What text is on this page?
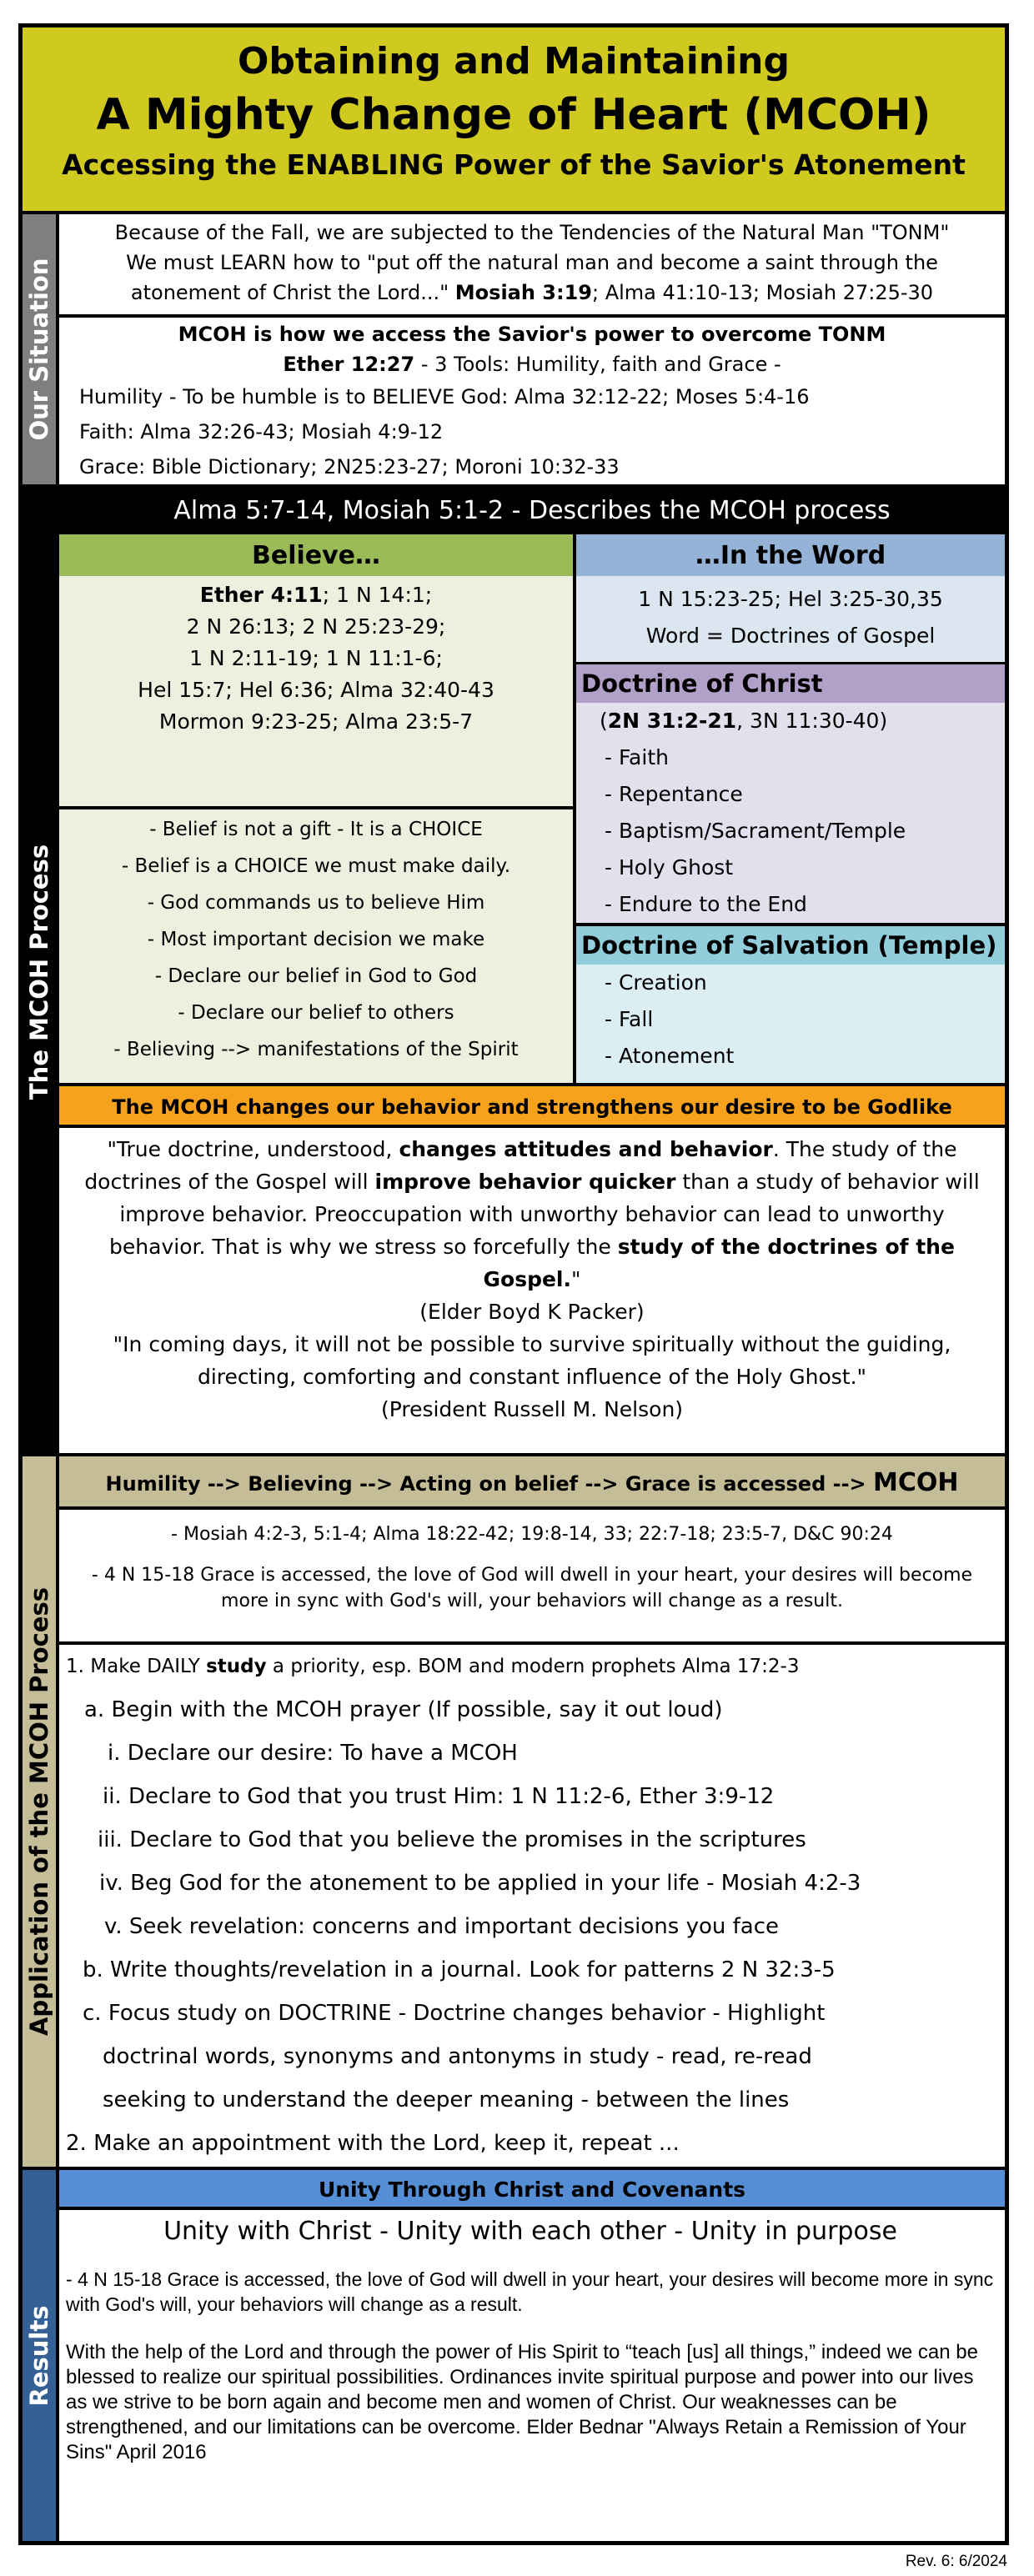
Obtaining and Maintaining
A Mighty Change of Heart (MCOH)
Accessing the ENABLING Power of the Savior's Atonement
Our Situation
Because of the Fall, we are subjected to the Tendencies of the Natural Man "TONM"
We must LEARN how to "put off the natural man and become a saint through the
atonement of Christ the Lord..." Mosiah 3:19; Alma 41:10-13; Mosiah 27:25-30
MCOH is how we access the Savior's power to overcome TONM
Ether 12:27 - 3 Tools: Humility, faith and Grace -
Humility - To be humble is to BELIEVE God: Alma 32:12-22; Moses 5:4-16
Faith: Alma 32:26-43; Mosiah 4:9-12
Grace: Bible Dictionary; 2N25:23-27; Moroni 10:32-33
The MCOH Process
Alma 5:7-14, Mosiah 5:1-2 - Describes the MCOH process
Believe…
Ether 4:11; 1 N 14:1;
2 N 26:13; 2 N 25:23-29;
1 N 2:11-19; 1 N 11:1-6;
Hel 15:7; Hel 6:36; Alma 32:40-43
Mormon 9:23-25; Alma 23:5-7
- Belief is not a gift - It is a CHOICE
- Belief is a CHOICE we must make daily.
- God commands us to believe Him
- Most important decision we make
- Declare our belief in God to God
- Declare our belief to others
- Believing --> manifestations of the Spirit
…In the Word
1 N 15:23-25; Hel 3:25-30,35
Word = Doctrines of Gospel
Doctrine of Christ
(2N 31:2-21, 3N 11:30-40)
- Faith
- Repentance
- Baptism/Sacrament/Temple
- Holy Ghost
- Endure to the End
Doctrine of Salvation (Temple)
- Creation
- Fall
- Atonement
The MCOH changes our behavior and strengthens our desire to be Godlike
"True doctrine, understood, changes attitudes and behavior. The study of the doctrines of the Gospel will improve behavior quicker than a study of behavior will improve behavior. Preoccupation with unworthy behavior can lead to unworthy behavior. That is why we stress so forcefully the study of the doctrines of the Gospel."
(Elder Boyd K Packer)
"In coming days, it will not be possible to survive spiritually without the guiding, directing, comforting and constant influence of the Holy Ghost."
(President Russell M. Nelson)
Application of the MCOH Process
Humility --> Believing --> Acting on belief --> Grace is accessed --> MCOH
- Mosiah 4:2-3, 5:1-4; Alma 18:22-42; 19:8-14, 33; 22:7-18; 23:5-7, D&C 90:24
- 4 N 15-18 Grace is accessed, the love of God will dwell in your heart, your desires will become more in sync with God's will, your behaviors will change as a result.
1. Make DAILY study a priority, esp. BOM and modern prophets Alma 17:2-3
a. Begin with the MCOH prayer (If possible, say it out loud)
i. Declare our desire: To have a MCOH
ii. Declare to God that you trust Him: 1 N 11:2-6, Ether 3:9-12
iii. Declare to God that you believe the promises in the scriptures
iv. Beg God for the atonement to be applied in your life - Mosiah 4:2-3
v. Seek revelation: concerns and important decisions you face
b. Write thoughts/revelation in a journal. Look for patterns 2 N 32:3-5
c. Focus study on DOCTRINE - Doctrine changes behavior - Highlight
doctrinal words, synonyms and antonyms in study - read, re-read
seeking to understand the deeper meaning - between the lines
2. Make an appointment with the Lord, keep it, repeat ...
Results
Unity Through Christ and Covenants
Unity with Christ - Unity with each other - Unity in purpose
- 4 N 15-18 Grace is accessed, the love of God will dwell in your heart, your desires will become more in sync with God's will, your behaviors will change as a result.
With the help of the Lord and through the power of His Spirit to “teach [us] all things,” indeed we can be blessed to realize our spiritual possibilities. Ordinances invite spiritual purpose and power into our lives as we strive to be born again and become men and women of Christ. Our weaknesses can be strengthened, and our limitations can be overcome. Elder Bednar "Always Retain a Remission of Your Sins" April 2016
Rev. 6: 6/2024
